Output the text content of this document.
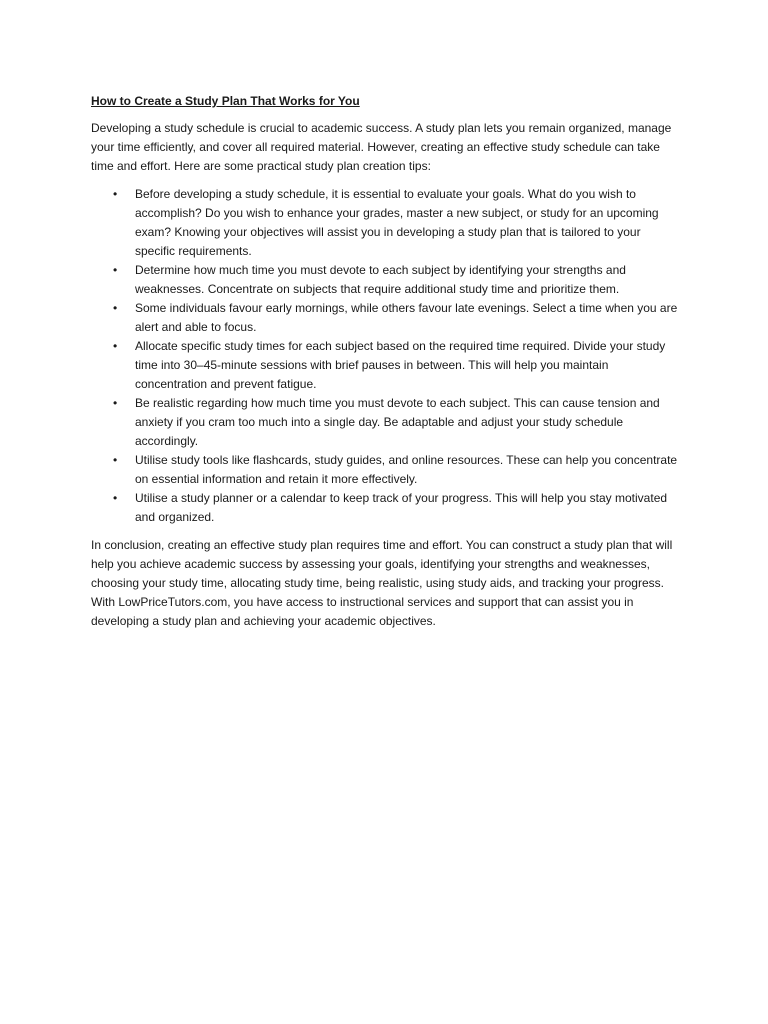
How to Create a Study Plan That Works for You

Developing a study schedule is crucial to academic success. A study plan lets you remain organized, manage your time efficiently, and cover all required material. However, creating an effective study schedule can take time and effort. Here are some practical study plan creation tips:

• Before developing a study schedule, it is essential to evaluate your goals. What do you wish to accomplish? Do you wish to enhance your grades, master a new subject, or study for an upcoming exam? Knowing your objectives will assist you in developing a study plan that is tailored to your specific requirements.
• Determine how much time you must devote to each subject by identifying your strengths and weaknesses. Concentrate on subjects that require additional study time and prioritize them.
• Some individuals favour early mornings, while others favour late evenings. Select a time when you are alert and able to focus.
• Allocate specific study times for each subject based on the required time required. Divide your study time into 30–45-minute sessions with brief pauses in between. This will help you maintain concentration and prevent fatigue.
• Be realistic regarding how much time you must devote to each subject. This can cause tension and anxiety if you cram too much into a single day. Be adaptable and adjust your study schedule accordingly.
• Utilise study tools like flashcards, study guides, and online resources. These can help you concentrate on essential information and retain it more effectively.
• Utilise a study planner or a calendar to keep track of your progress. This will help you stay motivated and organized.

In conclusion, creating an effective study plan requires time and effort. You can construct a study plan that will help you achieve academic success by assessing your goals, identifying your strengths and weaknesses, choosing your study time, allocating study time, being realistic, using study aids, and tracking your progress. With LowPriceTutors.com, you have access to instructional services and support that can assist you in developing a study plan and achieving your academic objectives.
